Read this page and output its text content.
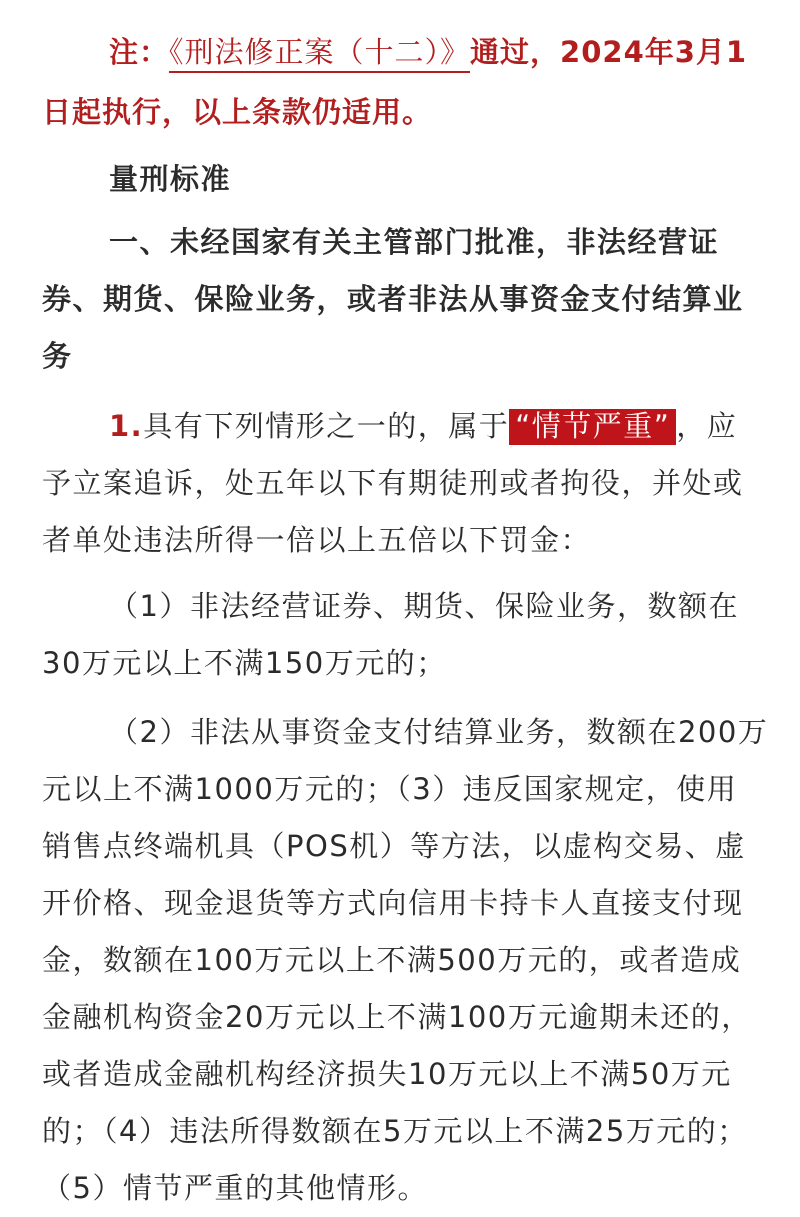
注：《刑法修正案（十二）》通过，2024年3月1
日起执行，以上条款仍适用。

量刑标准

一、未经国家有关主管部门批准，非法经营证
券、期货、保险业务，或者非法从事资金支付结算业
务

1.具有下列情形之一的，属于 “情节严重” ，应
予立案追诉，处五年以下有期徒刑或者拘役，并处或
者单处违法所得一倍以上五倍以下罚金：

（1）非法经营证券、期货、保险业务，数额在
30万元以上不满150万元的；

（2）非法从事资金支付结算业务，数额在200万
元以上不满1000万元的；（3）违反国家规定，使用
销售点终端机具（POS机）等方法，以虚构交易、虚
开价格、现金退货等方式向信用卡持卡人直接支付现
金，数额在100万元以上不满500万元的，或者造成
金融机构资金20万元以上不满100万元逾期未还的，
或者造成金融机构经济损失10万元以上不满50万元
的；（4）违法所得数额在5万元以上不满25万元的；
（5）情节严重的其他情形。
